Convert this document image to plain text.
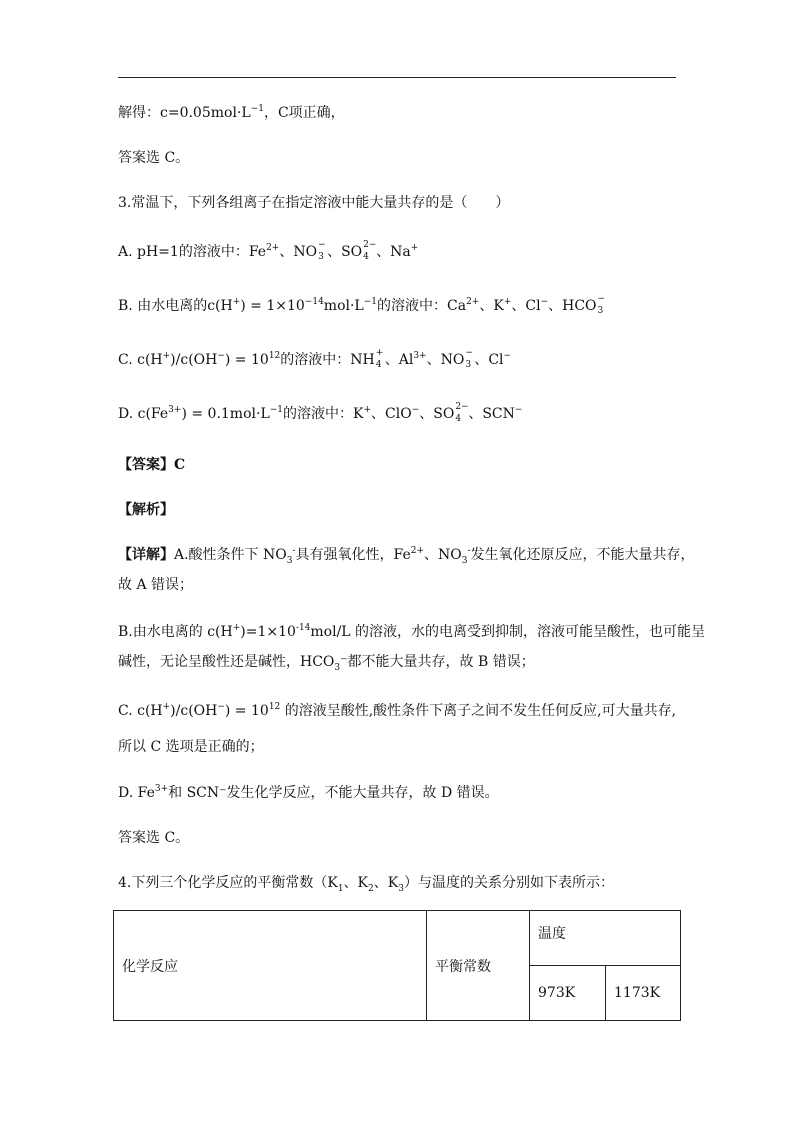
解得：$c=0.05mol\cdot L^{-1}$，C项正确，
答案选 C。
3.常温下，下列各组离子在指定溶液中能大量共存的是（　　）
A. pH=1的溶液中：$Fe^{2+}$、NO −
3 、SO 2−
4 、Na+
B. 由水电离的$c(H^+) = 1\times 10^{-14}mol\cdot L^{-1}$的溶液中：$Ca^{2+}$、K+、Cl−、HCO −
3
C. $c(H^+)/c(OH^-) = 10^{12}$的溶液中：NH +
4 、$Al^{3+}$、NO −
3 、Cl−
D. $c(Fe^{3+}) = 0.1mol\cdot L^{-1}$的溶液中：K+、ClO−、SO 2−
4 、SCN−
【答案】C
【解析】
【详解】A.酸性条件下 $NO_3^-$具有强氧化性，$Fe^{2+}$、$NO_3^-$发生氧化还原反应，不能大量共存，
故 A 错误；
B.由水电离的 $c(H^+)=1\times 10^{-14}mol/L$ 的溶液，水的电离受到抑制，溶液可能呈酸性，也可能呈
碱性，无论呈酸性还是碱性，$HCO_3^-$都不能大量共存，故 B 错误；
C. $c(H^+)/c(OH^-) = 10^{12}$ 的溶液呈酸性,酸性条件下离子之间不发生任何反应,可大量共存,
所以 C 选项是正确的；
D. $Fe^{3+}$和 SCN⁻发生化学反应，不能大量共存，故 D 错误。
答案选 C。
4.下列三个化学反应的平衡常数（$K_1$、$K_2$、$K_3$）与温度的关系分别如下表所示：
化学反应	平衡常数	温度	
		973K	1173K
